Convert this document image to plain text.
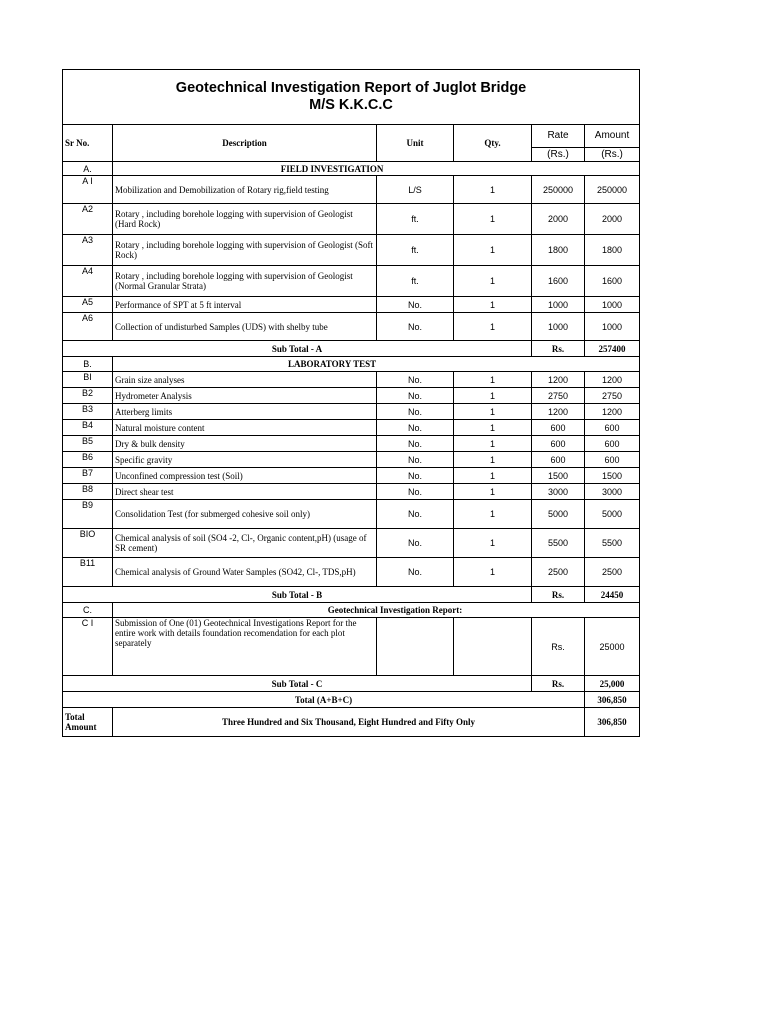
Geotechnical Investigation Report of Juglot Bridge
M/S K.K.C.C					

Sr No.	Description	Unit	Qty.	Rate	Amount
				(Rs.)	(Rs.)
A.	FIELD INVESTIGATION				
A I	Mobilization and Demobilization of Rotary rig,field testing	L/S	1	250000	250000
A2	Rotary , including borehole logging with supervision of Geologist (Hard Rock)	ft.	1	2000	2000
A3	Rotary , including borehole logging with supervision of Geologist (Soft Rock)	ft.	1	1800	1800
A4	Rotary , including borehole logging with supervision of Geologist (Normal Granular Strata)	ft.	1	1600	1600
A5	Performance of SPT at 5 ft interval	No.	1	1000	1000
A6	Collection of undisturbed Samples (UDS) with shelby tube	No.	1	1000	1000
Sub Total - A				Rs.	257400
B.	LABORATORY TEST				
BI	Grain size analyses	No.	1	1200	1200
B2	Hydrometer Analysis	No.	1	2750	2750
B3	Atterberg limits	No.	1	1200	1200
B4	Natural moisture content	No.	1	600	600
B5	Dry & bulk density	No.	1	600	600
B6	Specific gravity	No.	1	600	600
B7	Unconfined compression test (Soil)	No.	1	1500	1500
B8	Direct shear test	No.	1	3000	3000
B9	Consolidation Test (for submerged cohesive soil only)	No.	1	5000	5000
BIO	Chemical analysis of soil (SO4 -2, Cl-, Organic content,pH) (usage of SR cement)	No.	1	5500	5500
B11	Chemical analysis of Ground Water Samples (SO42, Cl-, TDS,pH)	No.	1	2500	2500
Sub Total - B				Rs.	24450
C.	Geotechnical Investigation Report:				
C I	Submission of One (01) Geotechnical Investigations Report for the entire work with details foundation recomendation for each plot separately			Rs.	25000
Sub Total - C				Rs.	25,000
Total (A+B+C)					306,850
Total Amount	Three Hundred and Six Thousand, Eight Hundred and Fifty Only				306,850
